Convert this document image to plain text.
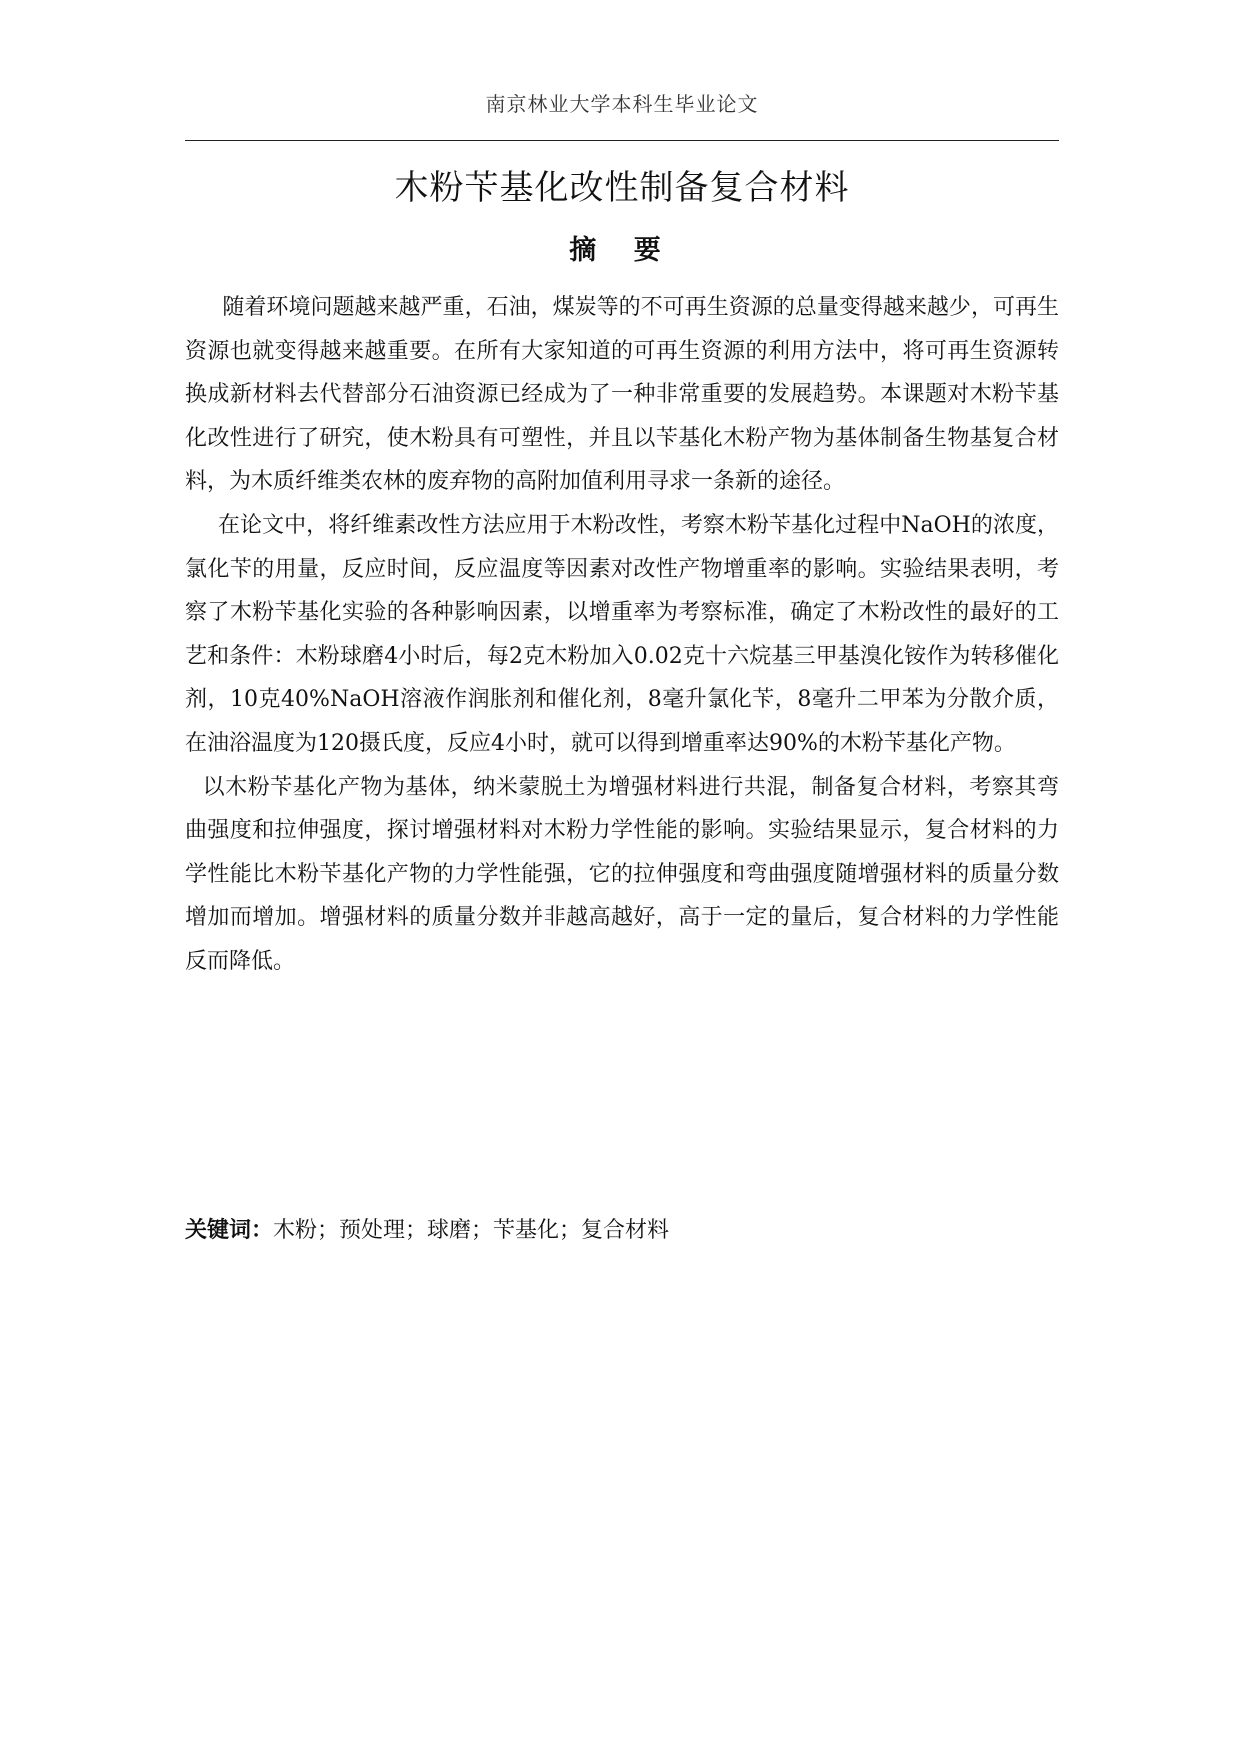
南京林业大学本科生毕业论文
木粉苄基化改性制备复合材料
摘 要

随着环境问题越来越严重，石油，煤炭等的不可再生资源的总量变得越来越少，可再生资源也就变得越来越重要。在所有大家知道的可再生资源的利用方法中，将可再生资源转换成新材料去代替部分石油资源已经成为了一种非常重要的发展趋势。本课题对木粉苄基化改性进行了研究，使木粉具有可塑性，并且以苄基化木粉产物为基体制备生物基复合材料，为木质纤维类农林的废弃物的高附加值利用寻求一条新的途径。

在论文中，将纤维素改性方法应用于木粉改性，考察木粉苄基化过程中NaOH的浓度，氯化苄的用量，反应时间，反应温度等因素对改性产物增重率的影响。实验结果表明，考察了木粉苄基化实验的各种影响因素，以增重率为考察标准，确定了木粉改性的最好的工艺和条件：木粉球磨4小时后，每2克木粉加入0.02克十六烷基三甲基溴化铵作为转移催化剂，10克40%NaOH溶液作润胀剂和催化剂，8毫升氯化苄，8毫升二甲苯为分散介质，在油浴温度为120摄氏度，反应4小时，就可以得到增重率达90%的木粉苄基化产物。

以木粉苄基化产物为基体，纳米蒙脱土为增强材料进行共混，制备复合材料，考察其弯曲强度和拉伸强度，探讨增强材料对木粉力学性能的影响。实验结果显示，复合材料的力学性能比木粉苄基化产物的力学性能强，它的拉伸强度和弯曲强度随增强材料的质量分数增加而增加。增强材料的质量分数并非越高越好，高于一定的量后，复合材料的力学性能反而降低。

关键词：木粉；预处理；球磨；苄基化；复合材料
